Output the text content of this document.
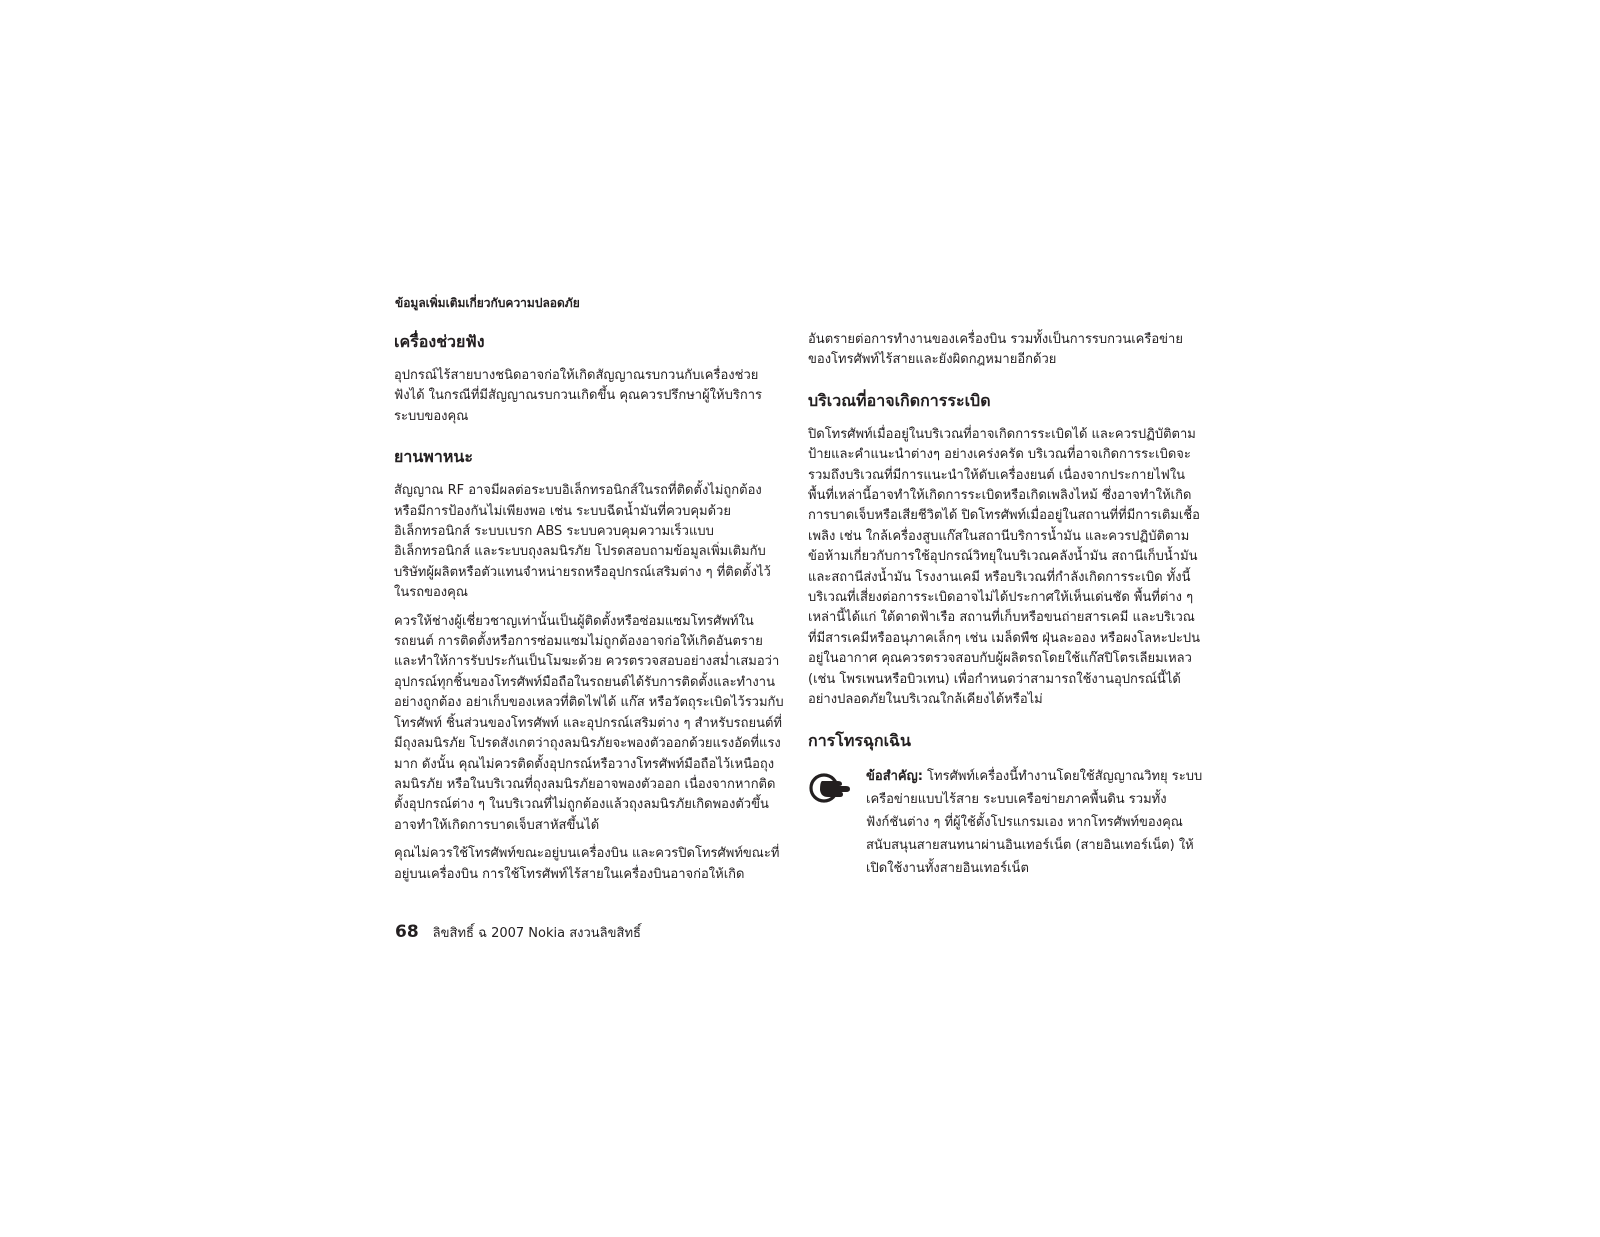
ข้อมูลเพิ่มเติมเกี่ยวกับความปลอดภัย
เครื่องช่วยฟัง

อุปกรณ์ไร้สายบางชนิดอาจก่อให้เกิดสัญญาณรบกวนกับเครื่องช่วยฟังได้ ในกรณีที่มีสัญญาณรบกวนเกิดขึ้น คุณควรปรึกษาผู้ให้บริการระบบของคุณ

ยานพาหนะ

สัญญาณ RF อาจมีผลต่อระบบอิเล็กทรอนิกส์ในรถที่ติดตั้งไม่ถูกต้องหรือมีการป้องกันไม่เพียงพอ เช่น ระบบฉีดน้ำมันที่ควบคุมด้วยอิเล็กทรอนิกส์ ระบบเบรก ABS ระบบควบคุมความเร็วแบบอิเล็กทรอนิกส์ และระบบถุงลมนิรภัย โปรดสอบถามข้อมูลเพิ่มเติมกับบริษัทผู้ผลิตหรือตัวแทนจำหน่ายรถหรืออุปกรณ์เสริมต่าง ๆ ที่ติดตั้งไว้ในรถของคุณ

ควรให้ช่างผู้เชี่ยวชาญเท่านั้นเป็นผู้ติดตั้งหรือซ่อมแซมโทรศัพท์ในรถยนต์ การติดตั้งหรือการซ่อมแซมไม่ถูกต้องอาจก่อให้เกิดอันตรายและทำให้การรับประกันเป็นโมฆะด้วย ควรตรวจสอบอย่างสม่ำเสมอว่าอุปกรณ์ทุกชิ้นของโทรศัพท์มือถือในรถยนต์ได้รับการติดตั้งและทำงานอย่างถูกต้อง อย่าเก็บของเหลวที่ติดไฟได้ แก๊ส หรือวัตถุระเบิดไว้รวมกับโทรศัพท์ ชิ้นส่วนของโทรศัพท์ และอุปกรณ์เสริมต่าง ๆ สำหรับรถยนต์ที่มีถุงลมนิรภัย โปรดสังเกตว่าถุงลมนิรภัยจะพองตัวออกด้วยแรงอัดที่แรงมาก ดังนั้น คุณไม่ควรติดตั้งอุปกรณ์หรือวางโทรศัพท์มือถือไว้เหนือถุงลมนิรภัย หรือในบริเวณที่ถุงลมนิรภัยอาจพองตัวออก เนื่องจากหากติดตั้งอุปกรณ์ต่าง ๆ ในบริเวณที่ไม่ถูกต้องแล้วถุงลมนิรภัยเกิดพองตัวขึ้นอาจทำให้เกิดการบาดเจ็บสาหัสขึ้นได้

คุณไม่ควรใช้โทรศัพท์ขณะอยู่บนเครื่องบิน และควรปิดโทรศัพท์ขณะที่อยู่บนเครื่องบิน การใช้โทรศัพท์ไร้สายในเครื่องบินอาจก่อให้เกิด

อันตรายต่อการทำงานของเครื่องบิน รวมทั้งเป็นการรบกวนเครือข่ายของโทรศัพท์ไร้สายและยังผิดกฎหมายอีกด้วย

บริเวณที่อาจเกิดการระเบิด

ปิดโทรศัพท์เมื่ออยู่ในบริเวณที่อาจเกิดการระเบิดได้ และควรปฏิบัติตามป้ายและคำแนะนำต่างๆ อย่างเคร่งครัด บริเวณที่อาจเกิดการระเบิดจะรวมถึงบริเวณที่มีการแนะนำให้ดับเครื่องยนต์ เนื่องจากประกายไฟในพื้นที่เหล่านี้อาจทำให้เกิดการระเบิดหรือเกิดเพลิงไหม้ ซึ่งอาจทำให้เกิดการบาดเจ็บหรือเสียชีวิตได้ ปิดโทรศัพท์เมื่ออยู่ในสถานที่ที่มีการเติมเชื้อเพลิง เช่น ใกล้เครื่องสูบแก๊สในสถานีบริการน้ำมัน และควรปฏิบัติตามข้อห้ามเกี่ยวกับการใช้อุปกรณ์วิทยุในบริเวณคลังน้ำมัน สถานีเก็บน้ำมันและสถานีส่งน้ำมัน โรงงานเคมี หรือบริเวณที่กำลังเกิดการระเบิด ทั้งนี้บริเวณที่เสี่ยงต่อการระเบิดอาจไม่ได้ประกาศให้เห็นเด่นชัด พื้นที่ต่าง ๆ เหล่านี้ได้แก่ ใต้ดาดฟ้าเรือ สถานที่เก็บหรือขนถ่ายสารเคมี และบริเวณที่มีสารเคมีหรืออนุภาคเล็กๆ เช่น เมล็ดพืช ฝุ่นละออง หรือผงโลหะปะปนอยู่ในอากาศ คุณควรตรวจสอบกับผู้ผลิตรถโดยใช้แก๊สปิโตรเลียมเหลว (เช่น โพรเพนหรือบิวเทน) เพื่อกำหนดว่าสามารถใช้งานอุปกรณ์นี้ได้อย่างปลอดภัยในบริเวณใกล้เคียงได้หรือไม่

การโทรฉุกเฉิน

ข้อสำคัญ: โทรศัพท์เครื่องนี้ทำงานโดยใช้สัญญาณวิทยุ ระบบเครือข่ายแบบไร้สาย ระบบเครือข่ายภาคพื้นดิน รวมทั้งฟังก์ชันต่าง ๆ ที่ผู้ใช้ตั้งโปรแกรมเอง หากโทรศัพท์ของคุณสนับสนุนสายสนทนาผ่านอินเทอร์เน็ต (สายอินเทอร์เน็ต) ให้เปิดใช้งานทั้งสายอินเทอร์เน็ต

68 ลิขสิทธิ์ ฉ 2007 Nokia สงวนลิขสิทธิ์
